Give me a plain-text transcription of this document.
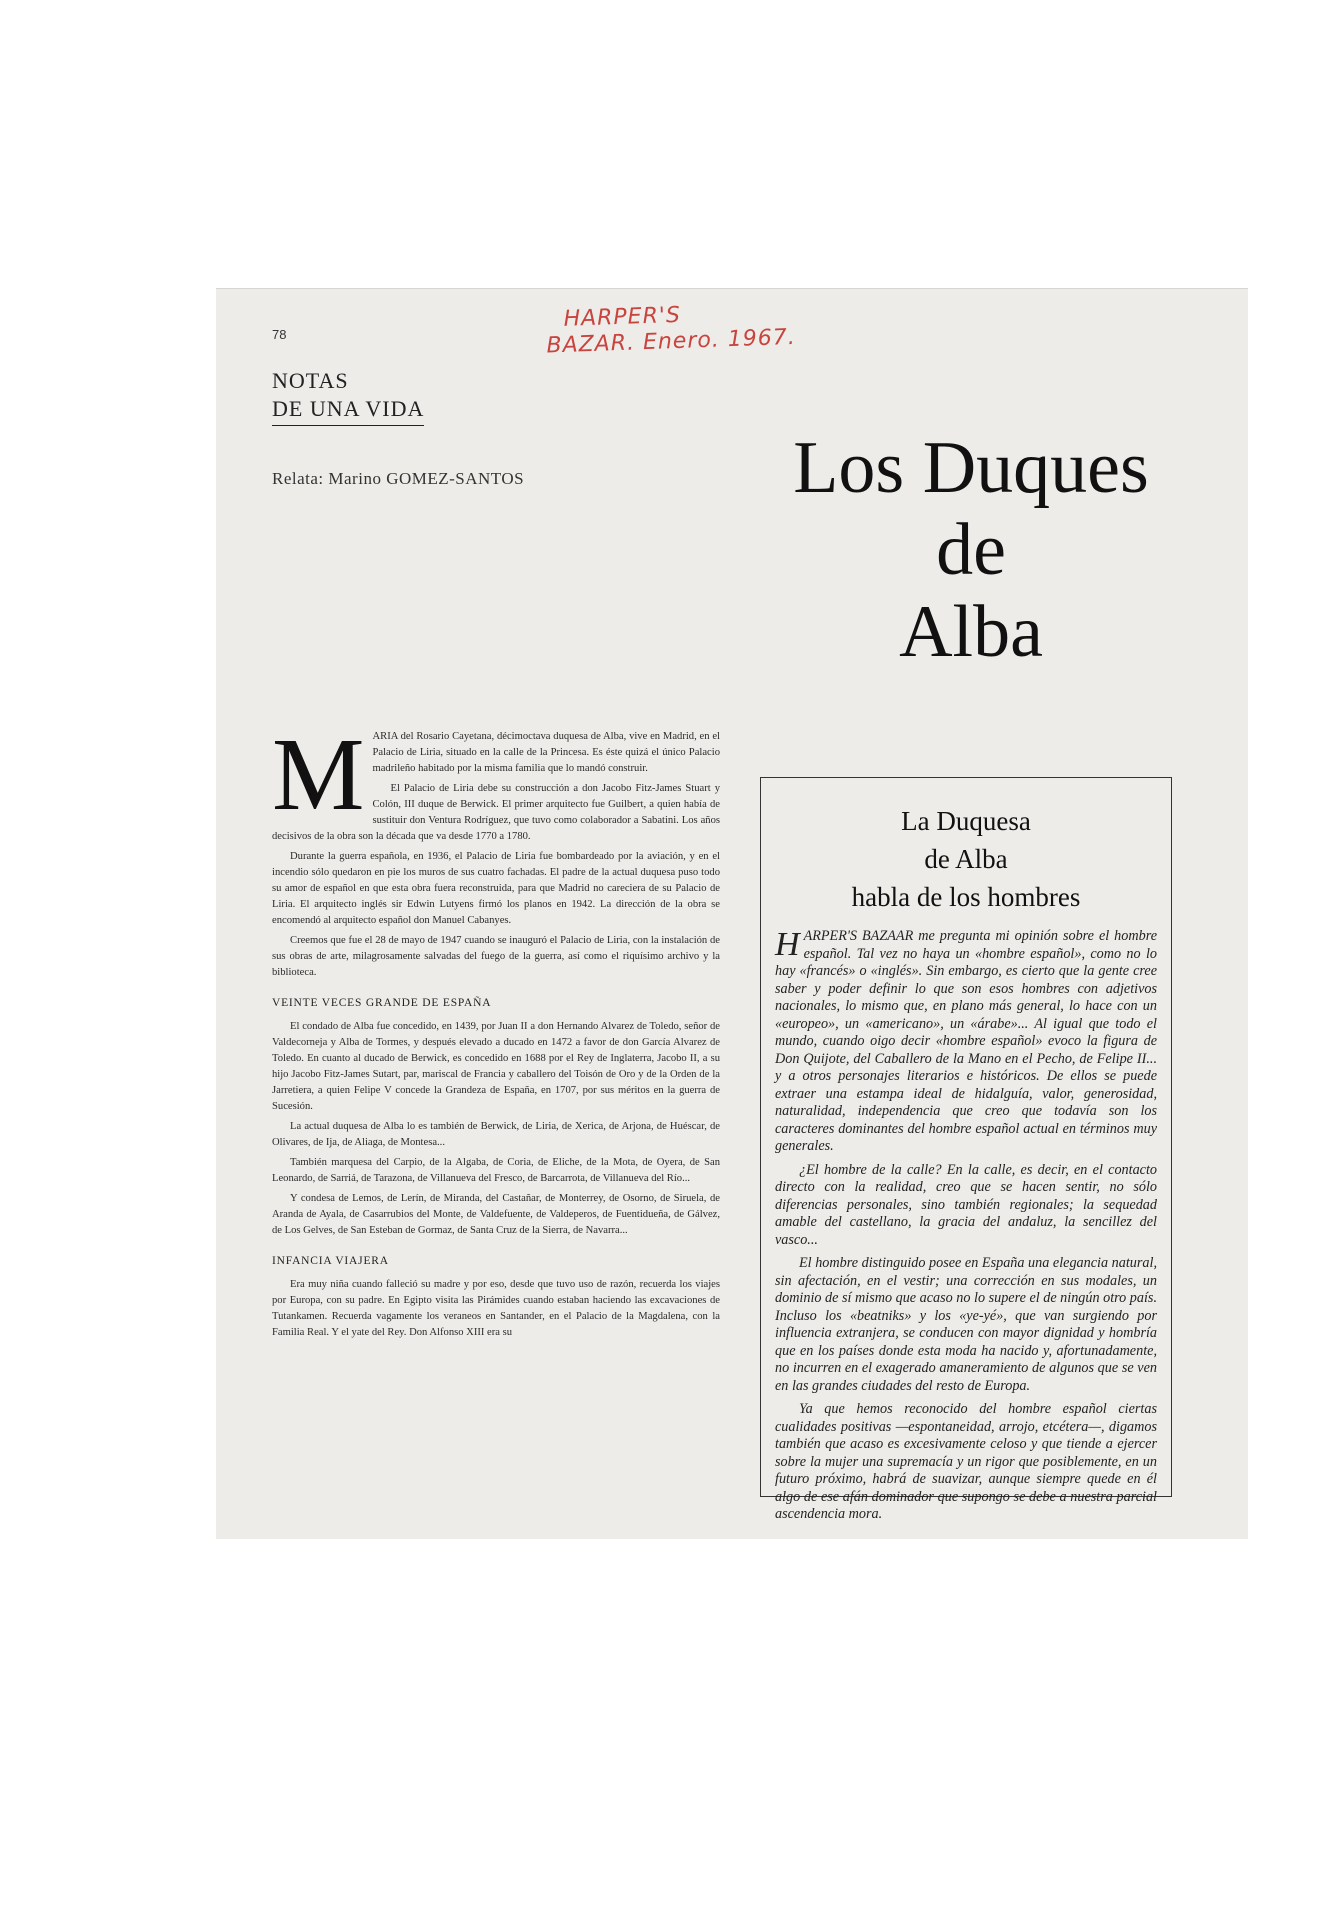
78
HARPER'S
BAZAR. Enero. 1967.
NOTAS
DE UNA VIDA
Relata: Marino GOMEZ-SANTOS	Los Duques
de
Alba

MARIA del Rosario Cayetana, décimoctava duquesa de Alba, vive en Madrid, en el Palacio de Liria, situado en la calle de la Princesa. Es éste quizá el único Palacio madrileño habitado por la misma familia que lo mandó construir.

El Palacio de Liria debe su construcción a don Jacobo Fitz-James Stuart y Colón, III duque de Berwick. El primer arquitecto fue Guilbert, a quien había de sustituir don Ventura Rodríguez, que tuvo como colaborador a Sabatini. Los años decisivos de la obra son la década que va desde 1770 a 1780.

Durante la guerra española, en 1936, el Palacio de Liria fue bombardeado por la aviación, y en el incendio sólo quedaron en pie los muros de sus cuatro fachadas. El padre de la actual duquesa puso todo su amor de español en que esta obra fuera reconstruida, para que Madrid no careciera de su Palacio de Liria. El arquitecto inglés sir Edwin Lutyens firmó los planos en 1942. La dirección de la obra se encomendó al arquitecto español don Manuel Cabanyes.

Creemos que fue el 28 de mayo de 1947 cuando se inauguró el Palacio de Liria, con la instalación de sus obras de arte, milagrosamente salvadas del fuego de la guerra, así como el riquísimo archivo y la biblioteca.

VEINTE VECES GRANDE DE ESPAÑA

El condado de Alba fue concedido, en 1439, por Juan II a don Hernando Alvarez de Toledo, señor de Valdecorneja y Alba de Tormes, y después elevado a ducado en 1472 a favor de don García Alvarez de Toledo. En cuanto al ducado de Berwick, es concedido en 1688 por el Rey de Inglaterra, Jacobo II, a su hijo Jacobo Fitz-James Sutart, par, mariscal de Francia y caballero del Toisón de Oro y de la Orden de la Jarretiera, a quien Felipe V concede la Grandeza de España, en 1707, por sus méritos en la guerra de Sucesión.

La actual duquesa de Alba lo es también de Berwick, de Liria, de Xerica, de Arjona, de Huéscar, de Olivares, de Ija, de Aliaga, de Montesa...

También marquesa del Carpio, de la Algaba, de Coria, de Eliche, de la Mota, de Oyera, de San Leonardo, de Sarriá, de Tarazona, de Villanueva del Fresco, de Barcarrota, de Villanueva del Río...

Y condesa de Lemos, de Lerín, de Miranda, del Castañar, de Monterrey, de Osorno, de Siruela, de Aranda de Ayala, de Casarrubios del Monte, de Valdefuente, de Valdeperos, de Fuentidueña, de Gálvez, de Los Gelves, de San Esteban de Gormaz, de Santa Cruz de la Sierra, de Navarra...

INFANCIA VIAJERA

Era muy niña cuando falleció su madre y por eso, desde que tuvo uso de razón, recuerda los viajes por Europa, con su padre. En Egipto visita las Pirámides cuando estaban haciendo las excavaciones de Tutankamen. Recuerda vagamente los veraneos en Santander, en el Palacio de la Magdalena, con la Familia Real. Y el yate del Rey. Don Alfonso XIII era su

La Duquesa
de Alba
habla de los hombres

HARPER'S BAZAAR me pregunta mi opinión sobre el hombre español. Tal vez no haya un «hombre español», como no lo hay «francés» o «inglés». Sin embargo, es cierto que la gente cree saber y poder definir lo que son esos hombres con adjetivos nacionales, lo mismo que, en plano más general, lo hace con un «europeo», un «americano», un «árabe»... Al igual que todo el mundo, cuando oigo decir «hombre español» evoco la figura de Don Quijote, del Caballero de la Mano en el Pecho, de Felipe II... y a otros personajes literarios e históricos. De ellos se puede extraer una estampa ideal de hidalguía, valor, generosidad, naturalidad, independencia que creo que todavía son los caracteres dominantes del hombre español actual en términos muy generales.

¿El hombre de la calle? En la calle, es decir, en el contacto directo con la realidad, creo que se hacen sentir, no sólo diferencias personales, sino también regionales; la sequedad amable del castellano, la gracia del andaluz, la sencillez del vasco...

El hombre distinguido posee en España una elegancia natural, sin afectación, en el vestir; una corrección en sus modales, un dominio de sí mismo que acaso no lo supere el de ningún otro país. Incluso los «beatniks» y los «ye-yé», que van surgiendo por influencia extranjera, se conducen con mayor dignidad y hombría que en los países donde esta moda ha nacido y, afortunadamente, no incurren en el exagerado amaneramiento de algunos que se ven en las grandes ciudades del resto de Europa.

Ya que hemos reconocido del hombre español ciertas cualidades positivas —espontaneidad, arrojo, etcétera—, digamos también que acaso es excesivamente celoso y que tiende a ejercer sobre la mujer una supremacía y un rigor que posiblemente, en un futuro próximo, habrá de suavizar, aunque siempre quede en él algo de ese afán dominador que supongo se debe a nuestra parcial ascendencia mora.
